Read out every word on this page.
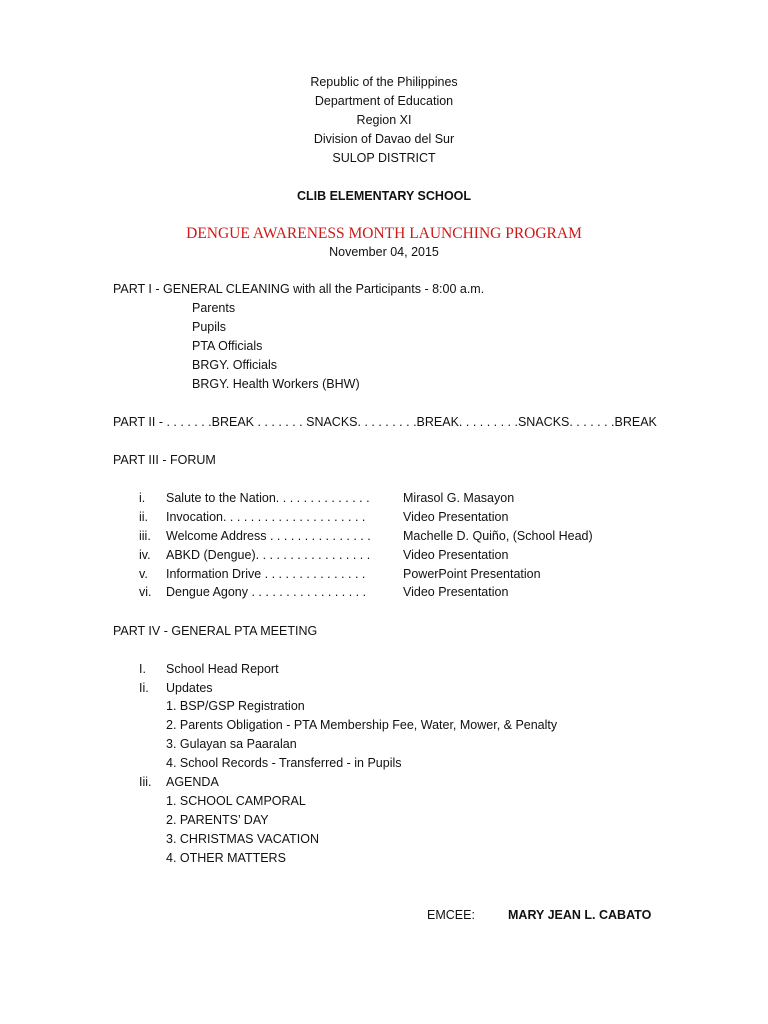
Republic of the Philippines
Department of Education
Region XI
Division of Davao del Sur
SULOP DISTRICT
CLIB ELEMENTARY SCHOOL
DENGUE AWARENESS MONTH LAUNCHING PROGRAM
November 04, 2015
PART I - GENERAL CLEANING with all the Participants - 8:00 a.m.
Parents
Pupils
PTA Officials
BRGY. Officials
BRGY. Health Workers (BHW)
PART II - . . . . . . .BREAK . . . . . . . SNACKS. . . . . . . . .BREAK. . . . . . . . .SNACKS. . . . . . .BREAK
PART III - FORUM
i. Salute to the Nation. . . . . . . . . . . . . .	Mirasol G. Masayon
ii. Invocation. . . . . . . . . . . . . . . . . . . . .	Video Presentation
iii. Welcome Address . . . . . . . . . . . . . . .	Machelle D. Quiño, (School Head)
iv. ABKD (Dengue). . . . . . . . . . . . . . . . .	Video Presentation
v. Information Drive . . . . . . . . . . . . . . .	PowerPoint Presentation
vi. Dengue Agony . . . . . . . . . . . . . . . . .	Video Presentation
PART IV - GENERAL PTA MEETING
I. School Head Report
Ii. Updates
1. BSP/GSP Registration
2. Parents Obligation - PTA Membership Fee, Water, Mower, & Penalty
3. Gulayan sa Paaralan
4. School Records - Transferred - in Pupils
Iii. AGENDA
1. SCHOOL CAMPORAL
2. PARENTS’ DAY
3. CHRISTMAS VACATION
4. OTHER MATTERS
EMCEE:	MARY JEAN L. CABATO
